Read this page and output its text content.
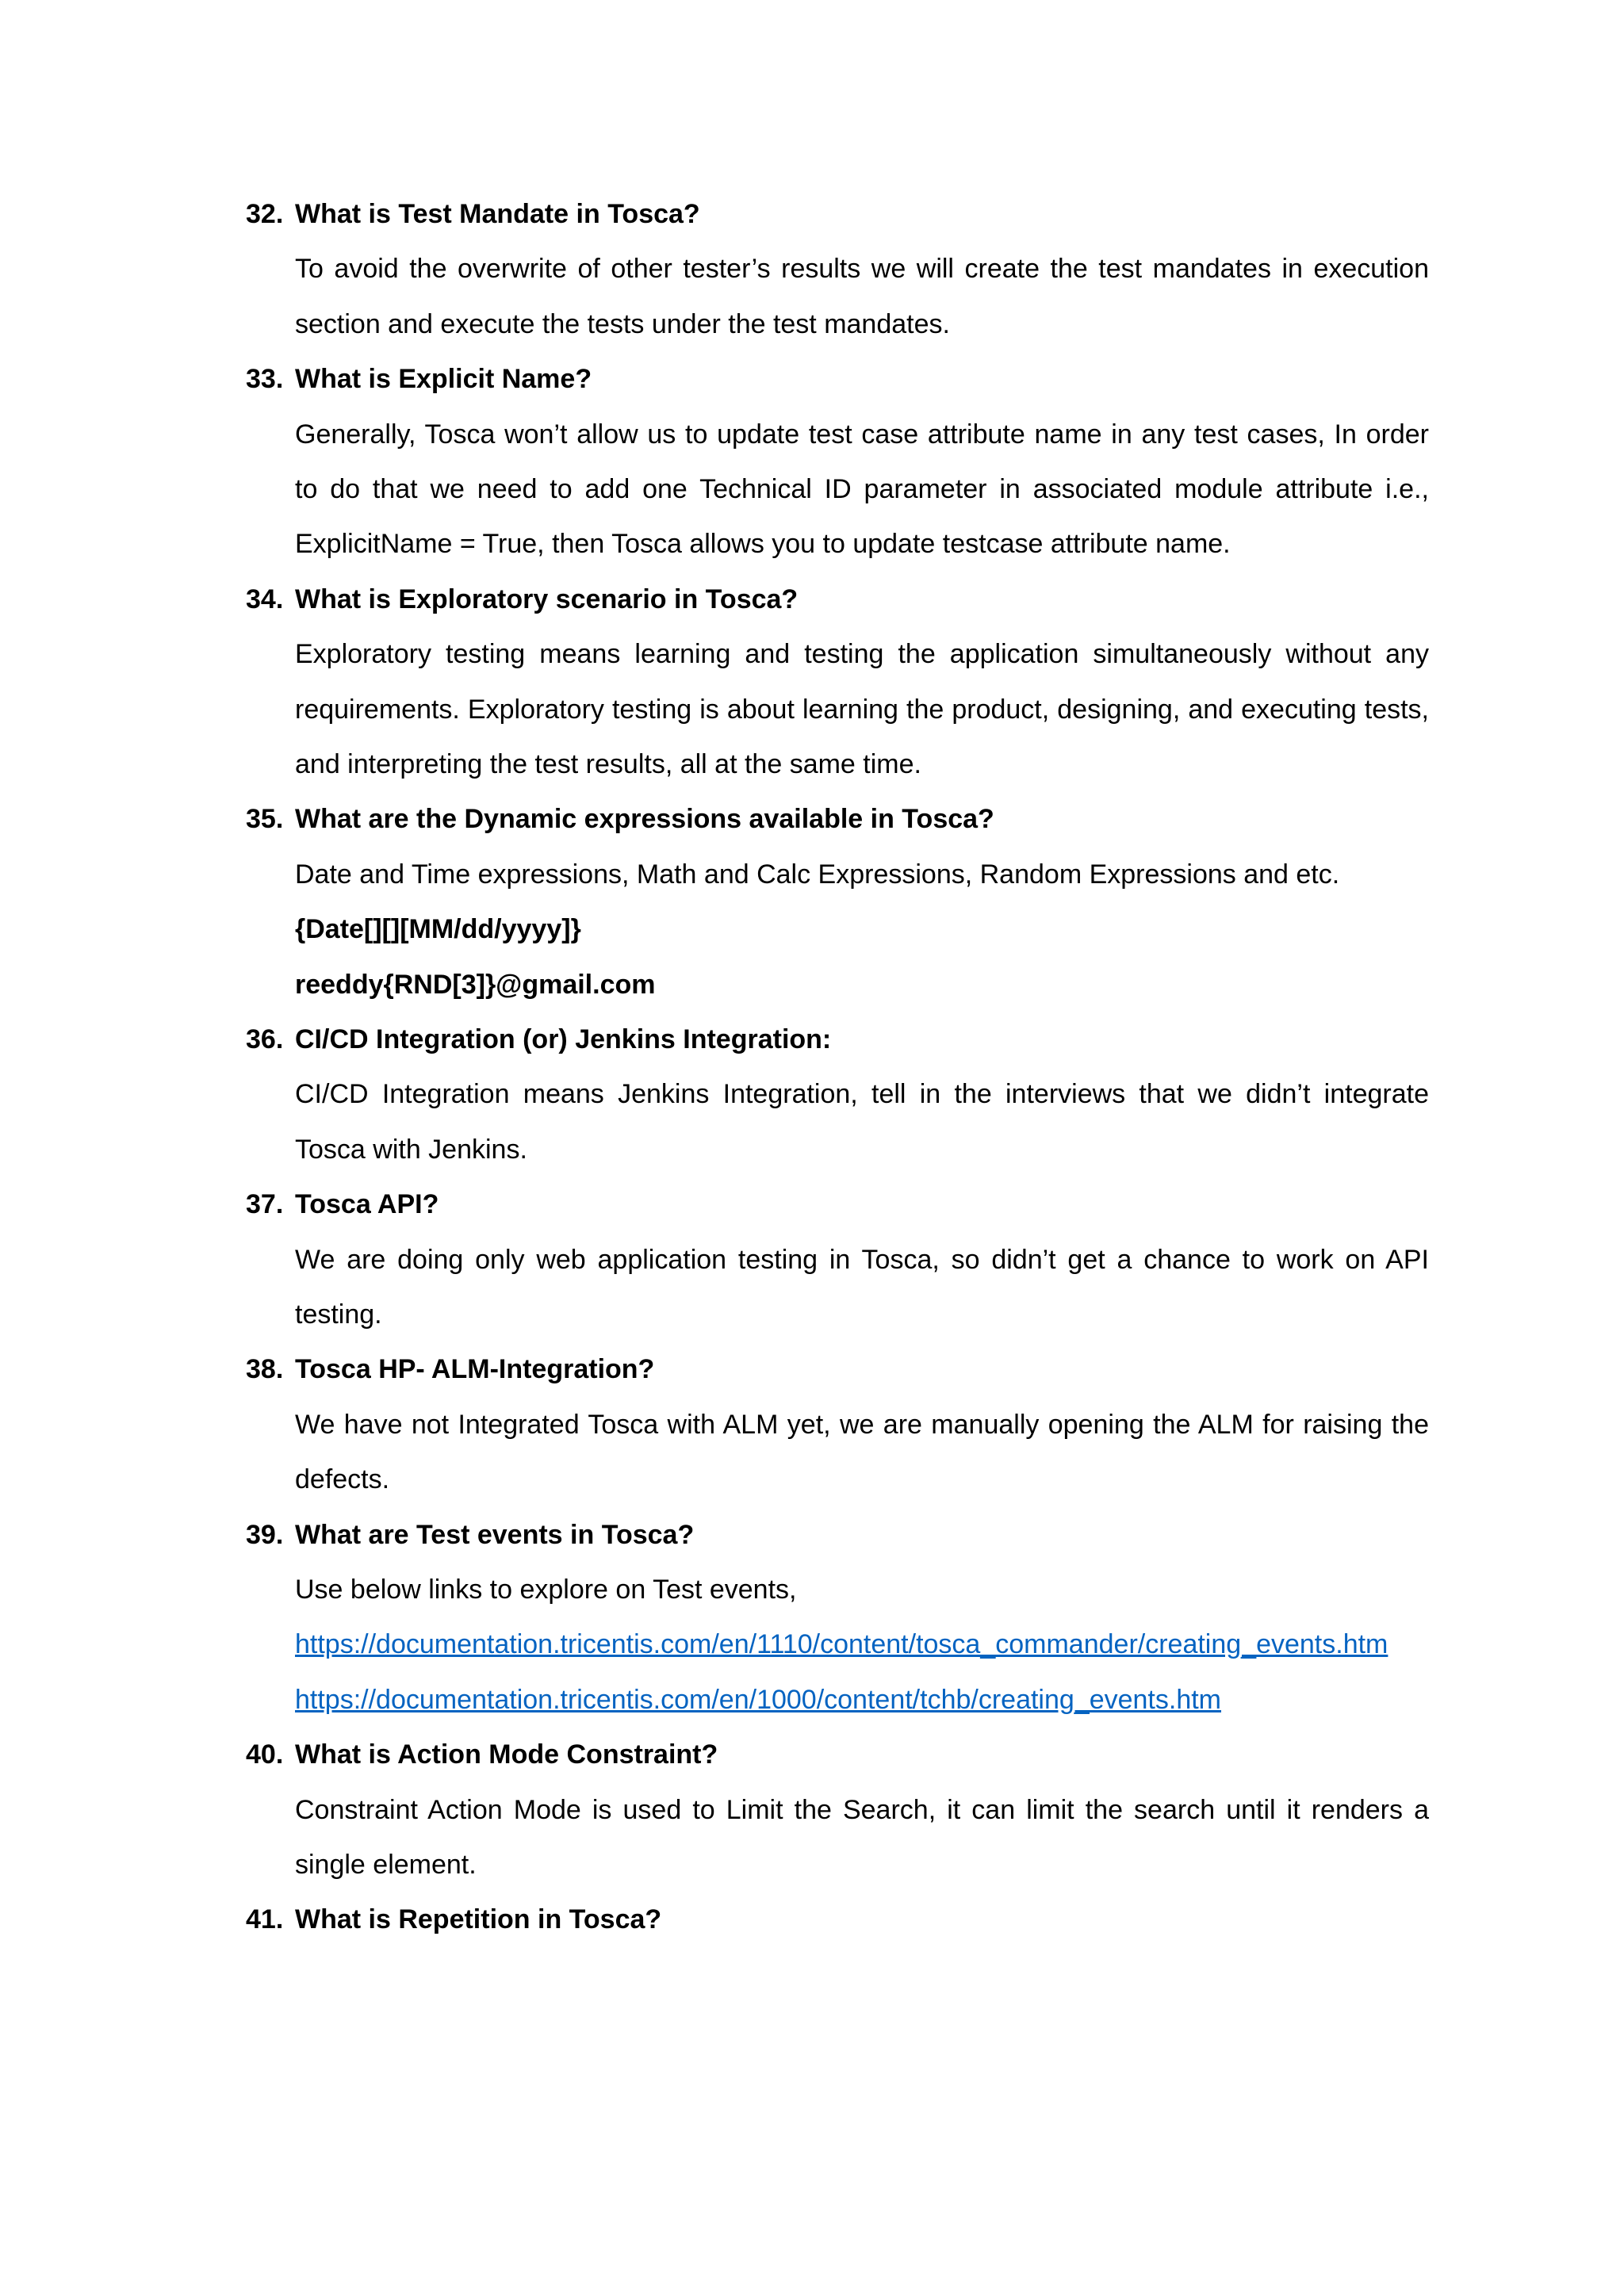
32. What is Test Mandate in Tosca?
To avoid the overwrite of other tester’s results we will create the test mandates in execution section and execute the tests under the test mandates.
33. What is Explicit Name?
Generally, Tosca won’t allow us to update test case attribute name in any test cases, In order to do that we need to add one Technical ID parameter in associated module attribute i.e., ExplicitName = True, then Tosca allows you to update testcase attribute name.
34. What is Exploratory scenario in Tosca?
Exploratory testing means learning and testing the application simultaneously without any requirements. Exploratory testing is about learning the product, designing, and executing tests, and interpreting the test results, all at the same time.
35. What are the Dynamic expressions available in Tosca?
Date and Time expressions, Math and Calc Expressions, Random Expressions and etc.
{Date[][][MM/dd/yyyy]}
reeddy{RND[3]}@gmail.com
36. CI/CD Integration (or) Jenkins Integration:
CI/CD Integration means Jenkins Integration, tell in the interviews that we didn’t integrate Tosca with Jenkins.
37. Tosca API?
We are doing only web application testing in Tosca, so didn’t get a chance to work on API testing.
38. Tosca HP- ALM-Integration?
We have not Integrated Tosca with ALM yet, we are manually opening the ALM for raising the defects.
39. What are Test events in Tosca?
Use below links to explore on Test events,
https://documentation.tricentis.com/en/1110/content/tosca_commander/creating_events.htm
https://documentation.tricentis.com/en/1000/content/tchb/creating_events.htm
40. What is Action Mode Constraint?
Constraint Action Mode is used to Limit the Search, it can limit the search until it renders a single element.
41. What is Repetition in Tosca?
